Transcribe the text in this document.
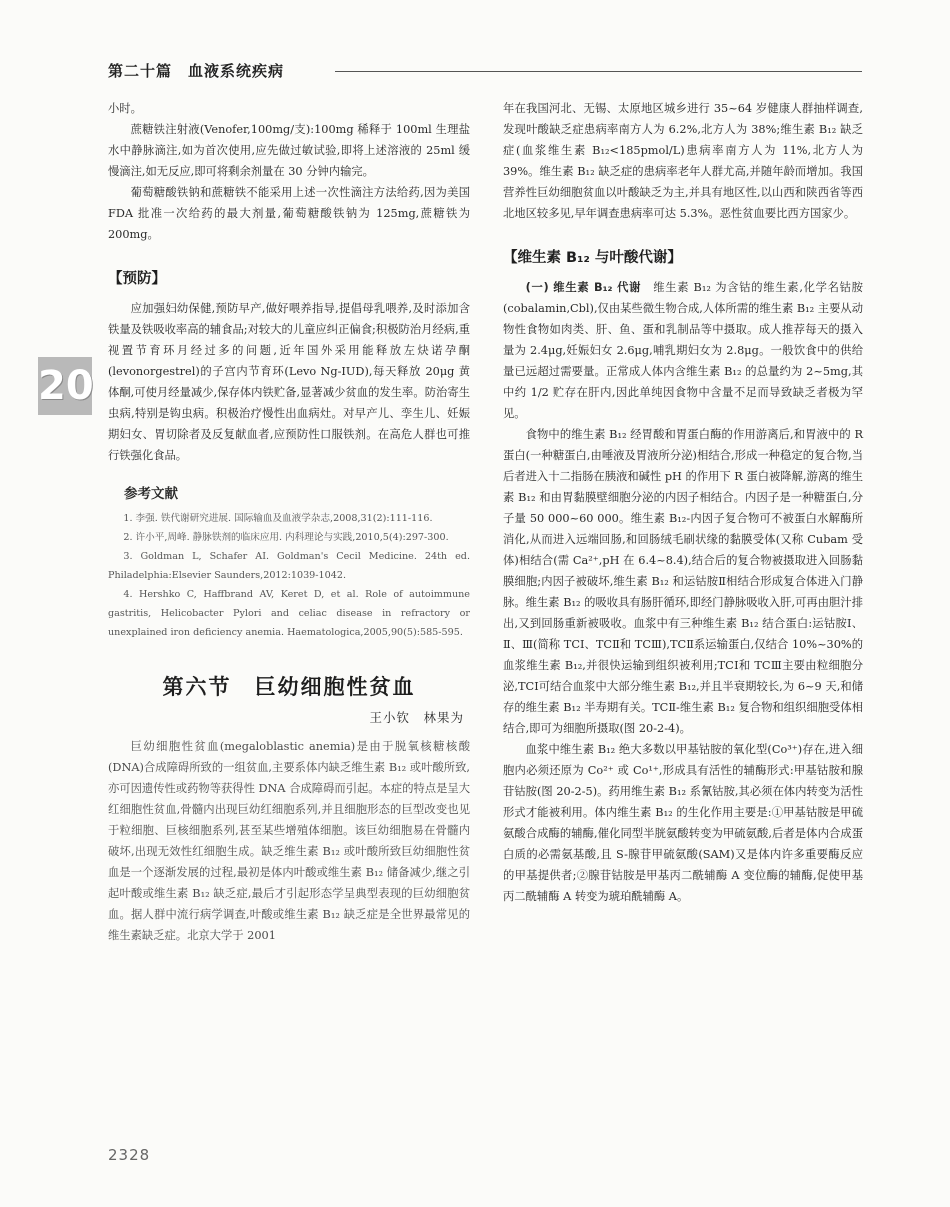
第二十篇　血液系统疾病
20

小时。

蔗糖铁注射液(Venofer,100mg/支):100mg 稀释于 100ml 生理盐水中静脉滴注,如为首次使用,应先做过敏试验,即将上述溶液的 25ml 缓慢滴注,如无反应,即可将剩余剂量在 30 分钟内输完。

葡萄糖酸铁钠和蔗糖铁不能采用上述一次性滴注方法给药,因为美国 FDA 批准一次给药的最大剂量,葡萄糖酸铁钠为 125mg,蔗糖铁为 200mg。

【预防】

应加强妇幼保健,预防早产,做好喂养指导,提倡母乳喂养,及时添加含铁量及铁吸收率高的辅食品;对较大的儿童应纠正偏食;积极防治月经病,重视置节育环月经过多的问题,近年国外采用能释放左炔诺孕酮(levonorgestrel)的子宫内节育环(Levo Ng-IUD),每天释放 20μg 黄体酮,可使月经量减少,保存体内铁贮备,显著减少贫血的发生率。防治寄生虫病,特别是钩虫病。积极治疗慢性出血病灶。对早产儿、孪生儿、妊娠期妇女、胃切除者及反复献血者,应预防性口服铁剂。在高危人群也可推行铁强化食品。

参考文献

1. 李强. 铁代谢研究进展. 国际输血及血液学杂志,2008,31(2):111-116.

2. 许小平,周峰. 静脉铁剂的临床应用. 内科理论与实践,2010,5(4):297-300.

3. Goldman L, Schafer AI. Goldman's Cecil Medicine. 24th ed. Philadelphia:Elsevier Saunders,2012:1039-1042.

4. Hershko C, Haffbrand AV, Keret D, et al. Role of autoimmune gastritis, Helicobacter Pylori and celiac disease in refractory or unexplained iron deficiency anemia. Haematologica,2005,90(5):585-595.

第六节　巨幼细胞性贫血
王小钦　林果为

巨幼细胞性贫血(megaloblastic anemia)是由于脱氧核糖核酸(DNA)合成障碍所致的一组贫血,主要系体内缺乏维生素 B₁₂ 或叶酸所致,亦可因遗传性或药物等获得性 DNA 合成障碍而引起。本症的特点是呈大红细胞性贫血,骨髓内出现巨幼红细胞系列,并且细胞形态的巨型改变也见于粒细胞、巨核细胞系列,甚至某些增殖体细胞。该巨幼细胞易在骨髓内破坏,出现无效性红细胞生成。缺乏维生素 B₁₂ 或叶酸所致巨幼细胞性贫血是一个逐渐发展的过程,最初是体内叶酸或维生素 B₁₂ 储备减少,继之引起叶酸或维生素 B₁₂ 缺乏症,最后才引起形态学呈典型表现的巨幼细胞贫血。据人群中流行病学调查,叶酸或维生素 B₁₂ 缺乏症是全世界最常见的维生素缺乏症。北京大学于 2001

年在我国河北、无锡、太原地区城乡进行 35~64 岁健康人群抽样调查,发现叶酸缺乏症患病率南方人为 6.2%,北方人为 38%;维生素 B₁₂ 缺乏症(血浆维生素 B₁₂<185pmol/L)患病率南方人为 11%,北方人为 39%。维生素 B₁₂ 缺乏症的患病率老年人群尤高,并随年龄而增加。我国营养性巨幼细胞贫血以叶酸缺乏为主,并具有地区性,以山西和陕西省等西北地区较多见,早年调查患病率可达 5.3%。恶性贫血要比西方国家少。

【维生素 B₁₂ 与叶酸代谢】

(一) 维生素 B₁₂ 代谢　 维生素 B₁₂ 为含钴的维生素,化学名钴胺(cobalamin,Cbl),仅由某些微生物合成,人体所需的维生素 B₁₂ 主要从动物性食物如肉类、肝、鱼、蛋和乳制品等中摄取。成人推荐每天的摄入量为 2.4μg,妊娠妇女 2.6μg,哺乳期妇女为 2.8μg。一般饮食中的供给量已远超过需要量。正常成人体内含维生素 B₁₂ 的总量约为 2~5mg,其中约 1/2 贮存在肝内,因此单纯因食物中含量不足而导致缺乏者极为罕见。

食物中的维生素 B₁₂ 经胃酸和胃蛋白酶的作用游离后,和胃液中的 R 蛋白(一种糖蛋白,由唾液及胃液所分泌)相结合,形成一种稳定的复合物,当后者进入十二指肠在胰液和碱性 pH 的作用下 R 蛋白被降解,游离的维生素 B₁₂ 和由胃黏膜壁细胞分泌的内因子相结合。内因子是一种糖蛋白,分子量 50 000~60 000。维生素 B₁₂-内因子复合物可不被蛋白水解酶所消化,从而进入远端回肠,和回肠绒毛刷状缘的黏膜受体(又称 Cubam 受体)相结合(需 Ca²⁺,pH 在 6.4~8.4),结合后的复合物被摄取进入回肠黏膜细胞;内因子被破坏,维生素 B₁₂ 和运钴胺Ⅱ相结合形成复合体进入门静脉。维生素 B₁₂ 的吸收具有肠肝循环,即经门静脉吸收入肝,可再由胆汁排出,又到回肠重新被吸收。血浆中有三种维生素 B₁₂ 结合蛋白:运钴胺Ⅰ、Ⅱ、Ⅲ(简称 TCⅠ、TCⅡ和 TCⅢ),TCⅡ系运输蛋白,仅结合 10%~30%的血浆维生素 B₁₂,并很快运输到组织被利用;TCⅠ和 TCⅢ主要由粒细胞分泌,TCⅠ可结合血浆中大部分维生素 B₁₂,并且半衰期较长,为 6~9 天,和储存的维生素 B₁₂ 半寿期有关。TCⅡ-维生素 B₁₂ 复合物和组织细胞受体相结合,即可为细胞所摄取(图 20-2-4)。

血浆中维生素 B₁₂ 绝大多数以甲基钴胺的氧化型(Co³⁺)存在,进入细胞内必须还原为 Co²⁺ 或 Co¹⁺,形成具有活性的辅酶形式:甲基钴胺和腺苷钴胺(图 20-2-5)。药用维生素 B₁₂ 系氰钴胺,其必须在体内转变为活性形式才能被利用。体内维生素 B₁₂ 的生化作用主要是:①甲基钴胺是甲硫氨酸合成酶的辅酶,催化同型半胱氨酸转变为甲硫氨酸,后者是体内合成蛋白质的必需氨基酸,且 S-腺苷甲硫氨酸(SAM)又是体内许多重要酶反应的甲基提供者;②腺苷钴胺是甲基丙二酰辅酶 A 变位酶的辅酶,促使甲基丙二酰辅酶 A 转变为琥珀酰辅酶 A。

2328
